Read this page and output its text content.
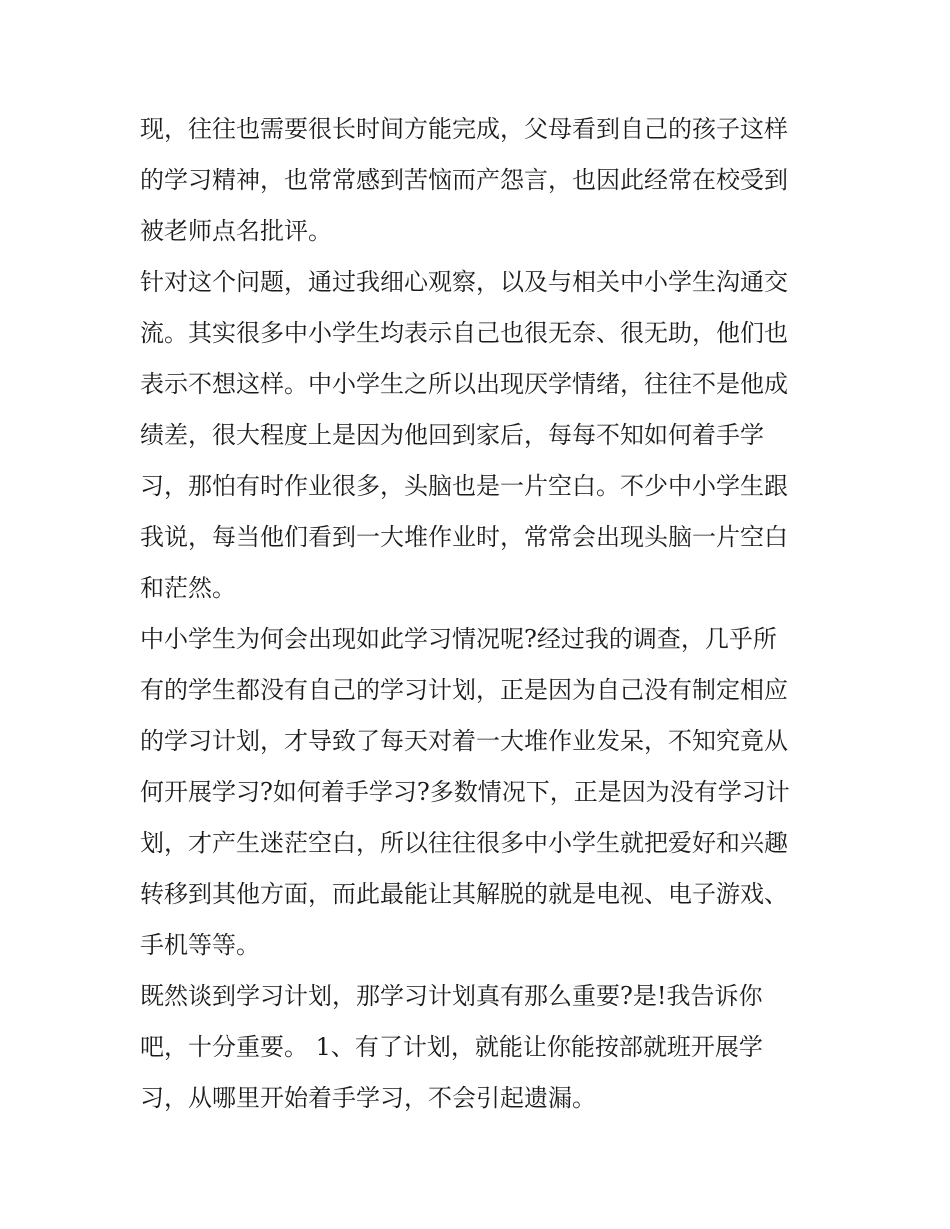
现，往往也需要很长时间方能完成，父母看到自己的孩子这样
的学习精神，也常常感到苦恼而产怨言，也因此经常在校受到
被老师点名批评。
针对这个问题，通过我细心观察，以及与相关中小学生沟通交
流。其实很多中小学生均表示自己也很无奈、很无助，他们也
表示不想这样。中小学生之所以出现厌学情绪，往往不是他成
绩差，很大程度上是因为他回到家后，每每不知如何着手学
习，那怕有时作业很多，头脑也是一片空白。不少中小学生跟
我说，每当他们看到一大堆作业时，常常会出现头脑一片空白
和茫然。
中小学生为何会出现如此学习情况呢?经过我的调查，几乎所
有的学生都没有自己的学习计划，正是因为自己没有制定相应
的学习计划，才导致了每天对着一大堆作业发呆，不知究竟从
何开展学习?如何着手学习?多数情况下，正是因为没有学习计
划，才产生迷茫空白，所以往往很多中小学生就把爱好和兴趣
转移到其他方面，而此最能让其解脱的就是电视、电子游戏、
手机等等。
既然谈到学习计划，那学习计划真有那么重要?是!我告诉你
吧，十分重要。 1、有了计划，就能让你能按部就班开展学
习，从哪里开始着手学习，不会引起遗漏。
